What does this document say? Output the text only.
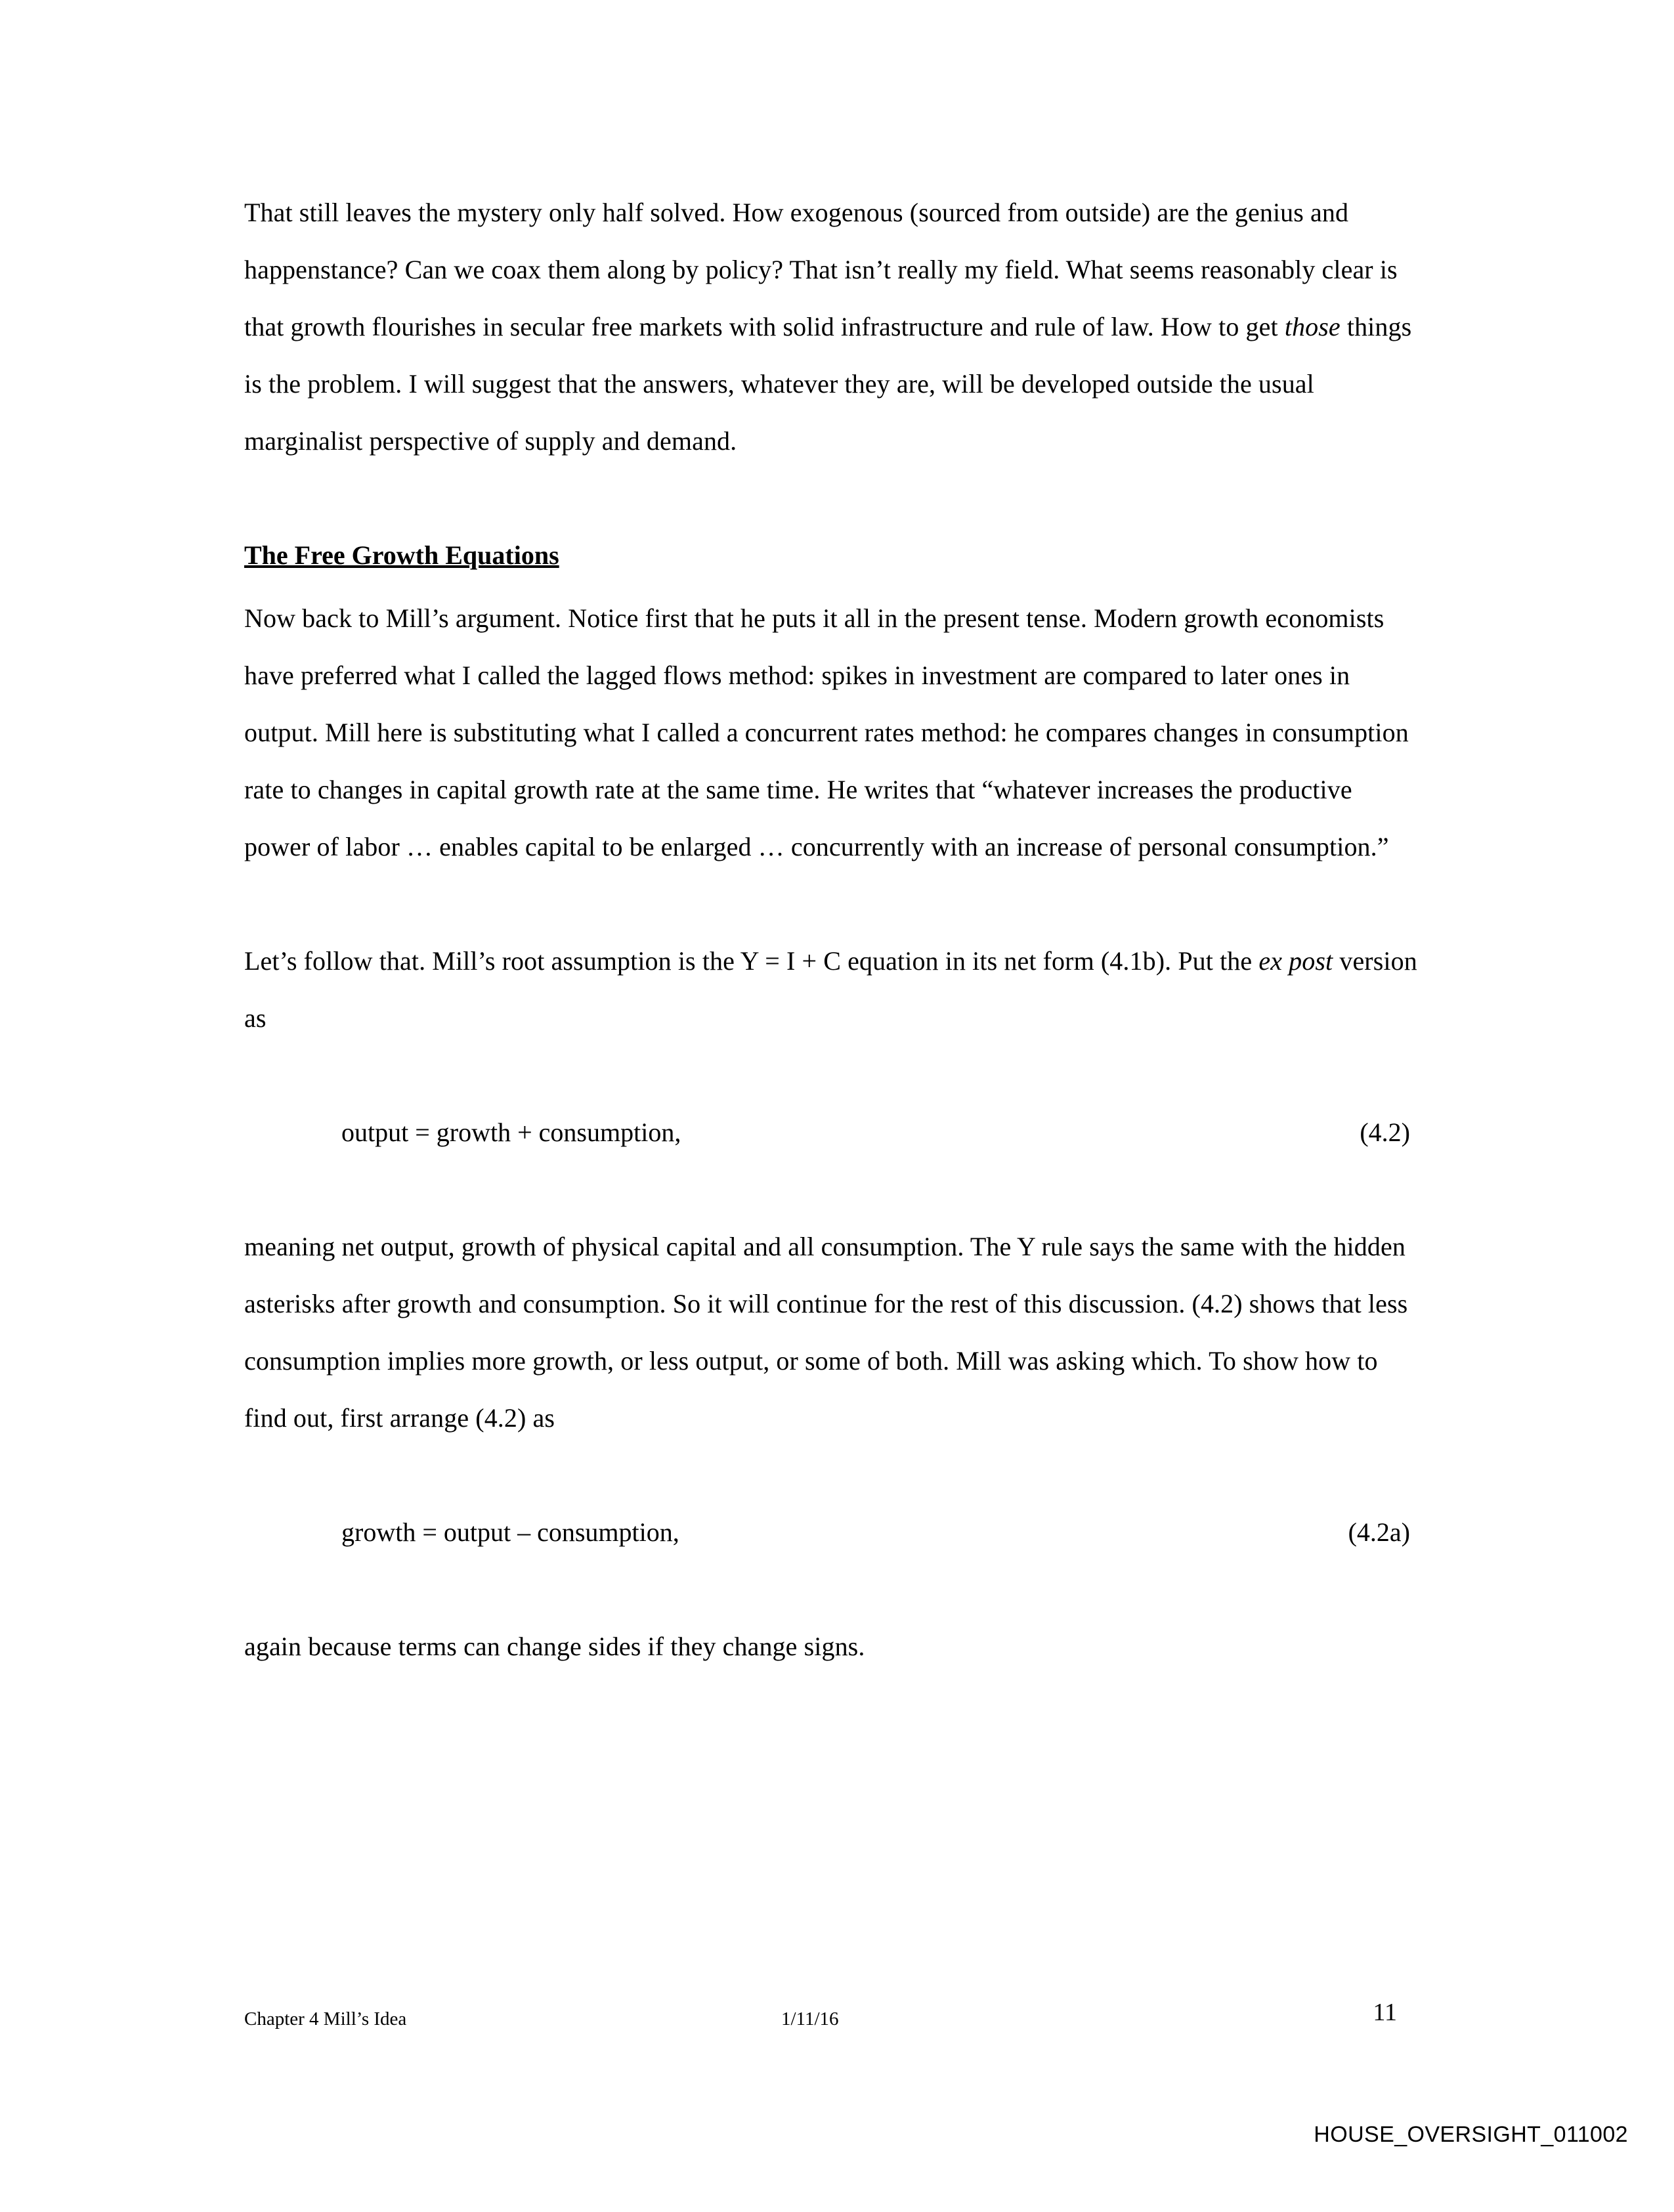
That still leaves the mystery only half solved. How exogenous (sourced from outside) are the genius and happenstance? Can we coax them along by policy? That isn’t really my field. What seems reasonably clear is that growth flourishes in secular free markets with solid infrastructure and rule of law. How to get those things is the problem. I will suggest that the answers, whatever they are, will be developed outside the usual marginalist perspective of supply and demand.

The Free Growth Equations

Now back to Mill’s argument. Notice first that he puts it all in the present tense. Modern growth economists have preferred what I called the lagged flows method: spikes in investment are compared to later ones in output. Mill here is substituting what I called a concurrent rates method: he compares changes in consumption rate to changes in capital growth rate at the same time. He writes that “whatever increases the productive power of labor … enables capital to be enlarged … concurrently with an increase of personal consumption.”

Let’s follow that. Mill’s root assumption is the Y = I + C equation in its net form (4.1b). Put the ex post version as

output = growth + consumption,	(4.2)

meaning net output, growth of physical capital and all consumption. The Y rule says the same with the hidden asterisks after growth and consumption. So it will continue for the rest of this discussion. (4.2) shows that less consumption implies more growth, or less output, or some of both. Mill was asking which. To show how to find out, first arrange (4.2) as

growth = output – consumption,	(4.2a)

again because terms can change sides if they change signs.

Chapter 4 Mill’s Idea	1/11/16	11
HOUSE_OVERSIGHT_011002
